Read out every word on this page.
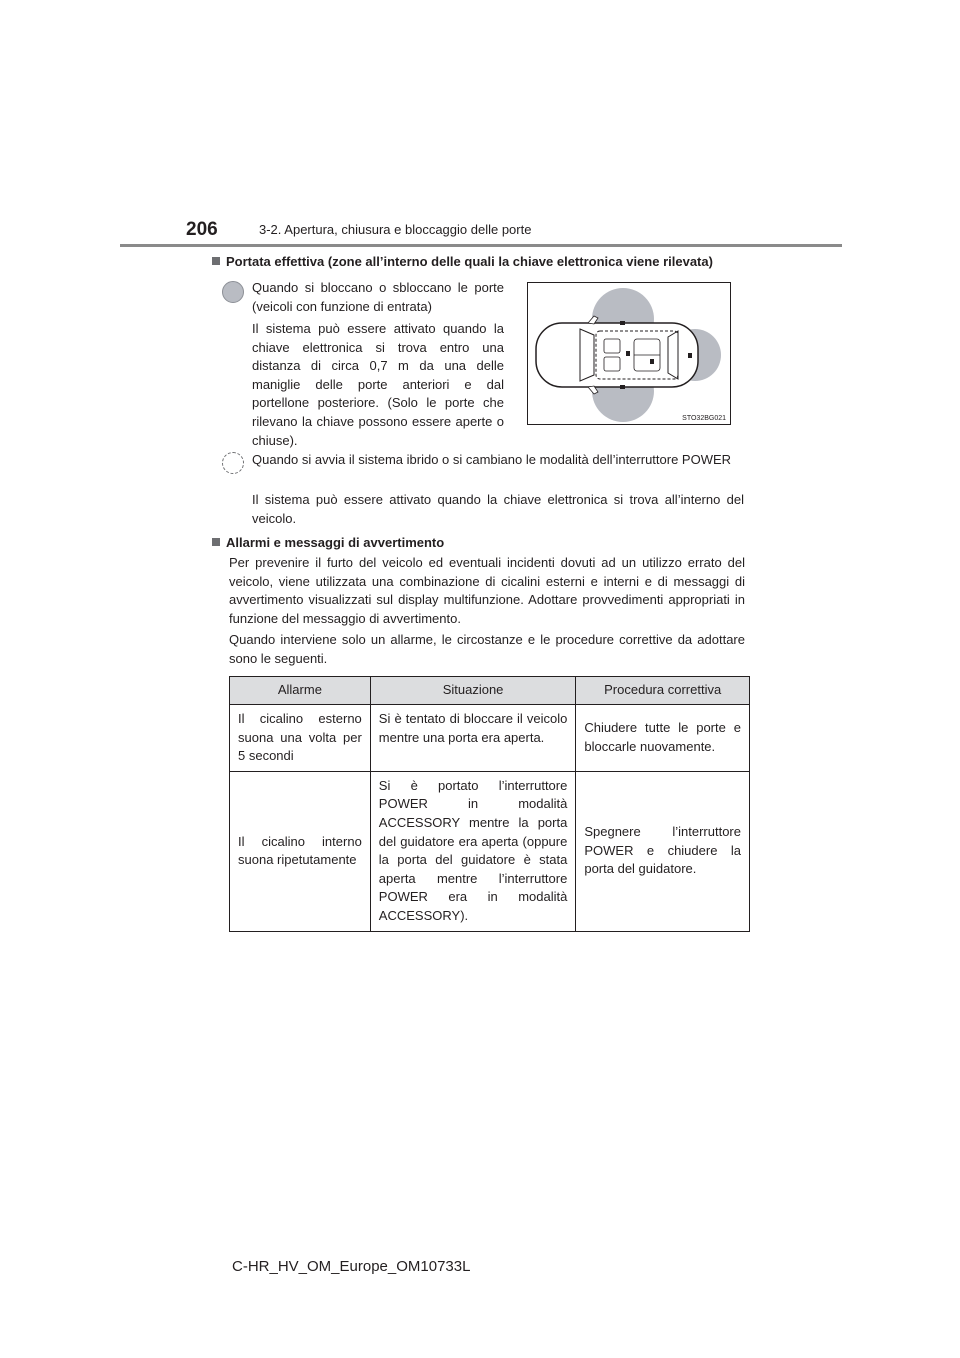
206	3-2. Apertura, chiusura e bloccaggio delle porte
Portata effettiva (zone all’interno delle quali la chiave elettronica viene rilevata)

Quando si bloccano o sbloccano le porte (veicoli con funzione di entrata)

Il sistema può essere attivato quando la chiave elettronica si trova entro una distanza di circa 0,7 m da una delle maniglie delle porte anteriori e dal portellone posteriore. (Solo le porte che rilevano la chiave possono essere aperte o chiuse).

STO32BG021

Quando si avvia il sistema ibrido o si cambiano le modalità dell’interruttore POWER

Il sistema può essere attivato quando la chiave elettronica si trova all’interno del veicolo.

Allarmi e messaggi di avvertimento

Per prevenire il furto del veicolo ed eventuali incidenti dovuti ad un utilizzo errato del veicolo, viene utilizzata una combinazione di cicalini esterni e interni e di messaggi di avvertimento visualizzati sul display multifunzione. Adottare provvedimenti appropriati in funzione del messaggio di avvertimento.

Quando interviene solo un allarme, le circostanze e le procedure correttive da adottare sono le seguenti.

Allarme	Situazione	Procedura correttiva
Il cicalino esterno suona una volta per 5 secondi	Si è tentato di bloccare il veicolo mentre una porta era aperta.	Chiudere tutte le porte e bloccarle nuovamente.
Il cicalino interno suona ripetutamente	Si è portato l’interruttore POWER in modalità ACCESSORY mentre la porta del guidatore era aperta (oppure la porta del guidatore è stata aperta mentre l’interruttore POWER era in modalità ACCESSORY).	Spegnere l’interruttore POWER e chiudere la porta del guidatore.
C-HR_HV_OM_Europe_OM10733L
